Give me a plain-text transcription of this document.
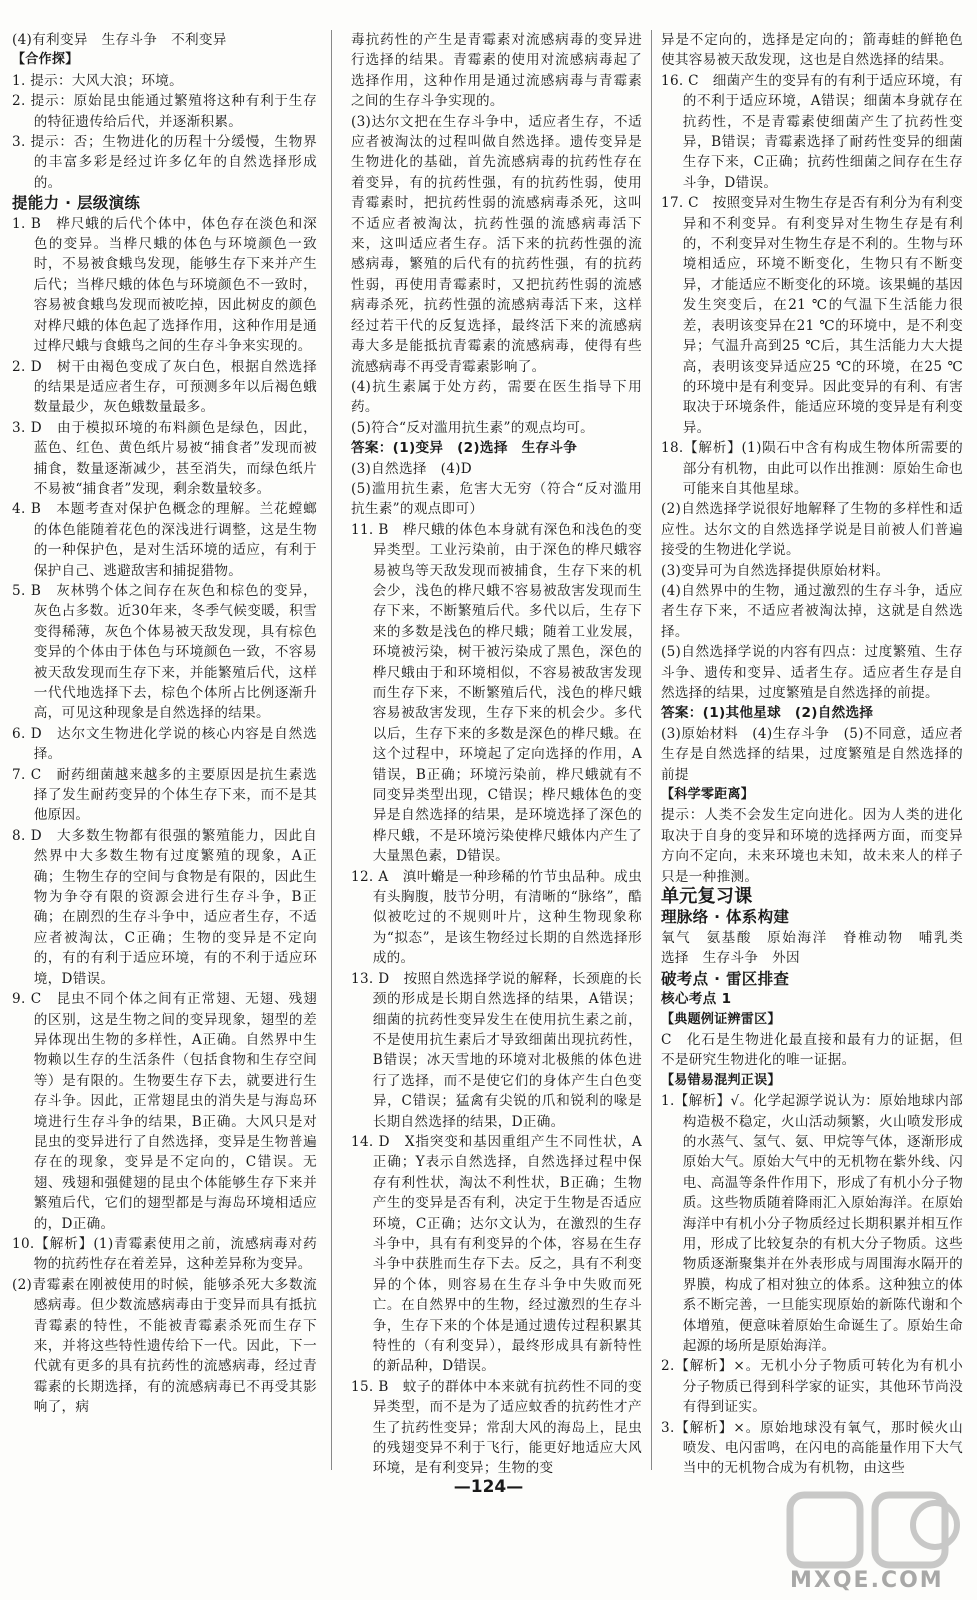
(4)有利变异　生存斗争　不利变异

【合作探】

1. 提示：大风大浪；环境。

2. 提示：原始昆虫能通过繁殖将这种有利于生存的特征遗传给后代，并逐渐积累。

3. 提示：否；生物进化的历程十分缓慢，生物界的丰富多彩是经过许多亿年的自然选择形成的。

提能力 · 层级演练

1. B　桦尺蛾的后代个体中，体色存在淡色和深色的变异。当桦尺蛾的体色与环境颜色一致时，不易被食蛾鸟发现，能够生存下来并产生后代；当桦尺蛾的体色与环境颜色不一致时，容易被食蛾鸟发现而被吃掉，因此树皮的颜色对桦尺蛾的体色起了选择作用，这种作用是通过桦尺蛾与食蛾鸟之间的生存斗争来实现的。

2. D　树干由褐色变成了灰白色，根据自然选择的结果是适应者生存，可预测多年以后褐色蛾数量最少，灰色蛾数量最多。

3. D　由于模拟环境的布料颜色是绿色，因此，蓝色、红色、黄色纸片易被“捕食者”发现而被捕食，数量逐渐减少，甚至消失，而绿色纸片不易被“捕食者”发现，剩余数量较多。

4. B　本题考查对保护色概念的理解。兰花螳螂的体色能随着花色的深浅进行调整，这是生物的一种保护色，是对生活环境的适应，有利于保护自己、逃避敌害和捕捉猎物。

5. B　灰林鸮个体之间存在灰色和棕色的变异，灰色占多数。近30年来，冬季气候变暖，积雪变得稀薄，灰色个体易被天敌发现，具有棕色变异的个体由于体色与环境颜色一致，不容易被天敌发现而生存下来，并能繁殖后代，这样一代代地选择下去，棕色个体所占比例逐渐升高，可见这种现象是自然选择的结果。

6. D　达尔文生物进化学说的核心内容是自然选择。

7. C　耐药细菌越来越多的主要原因是抗生素选择了发生耐药变异的个体生存下来，而不是其他原因。

8. D　大多数生物都有很强的繁殖能力，因此自然界中大多数生物有过度繁殖的现象，A正确；生物生存的空间与食物是有限的，因此生物为争夺有限的资源会进行生存斗争，B正确；在剧烈的生存斗争中，适应者生存，不适应者被淘汰，C正确；生物的变异是不定向的，有的有利于适应环境，有的不利于适应环境，D错误。

9. C　昆虫不同个体之间有正常翅、无翅、残翅的区别，这是生物之间的变异现象，翅型的差异体现出生物的多样性，A正确。自然界中生物赖以生存的生活条件（包括食物和生存空间等）是有限的。生物要生存下去，就要进行生存斗争。因此，正常翅昆虫的消失是与海岛环境进行生存斗争的结果，B正确。大风只是对昆虫的变异进行了自然选择，变异是生物普遍存在的现象，变异是不定向的，C错误。无翅、残翅和强健翅的昆虫个体能够生存下来并繁殖后代，它们的翅型都是与海岛环境相适应的，D正确。

10.【解析】(1)青霉素使用之前，流感病毒对药物的抗药性存在着差异，这种差异称为变异。

(2)青霉素在刚被使用的时候，能够杀死大多数流感病毒。但少数流感病毒由于变异而具有抵抗青霉素的特性，不能被青霉素杀死而生存下来，并将这些特性遗传给下一代。因此，下一代就有更多的具有抗药性的流感病毒，经过青霉素的长期选择，有的流感病毒已不再受其影响了，病

毒抗药性的产生是青霉素对流感病毒的变异进行选择的结果。青霉素的使用对流感病毒起了选择作用，这种作用是通过流感病毒与青霉素之间的生存斗争实现的。

(3)达尔文把在生存斗争中，适应者生存，不适应者被淘汰的过程叫做自然选择。遗传变异是生物进化的基础，首先流感病毒的抗药性存在着变异，有的抗药性强，有的抗药性弱，使用青霉素时，把抗药性弱的流感病毒杀死，这叫不适应者被淘汰，抗药性强的流感病毒活下来，这叫适应者生存。活下来的抗药性强的流感病毒，繁殖的后代有的抗药性强，有的抗药性弱，再使用青霉素时，又把抗药性弱的流感病毒杀死，抗药性强的流感病毒活下来，这样经过若干代的反复选择，最终活下来的流感病毒大多是能抵抗青霉素的流感病毒，使得有些流感病毒不再受青霉素影响了。

(4)抗生素属于处方药，需要在医生指导下用药。

(5)符合“反对滥用抗生素”的观点均可。

答案：(1)变异　(2)选择　生存斗争

(3)自然选择　(4)D

(5)滥用抗生素，危害大无穷（符合“反对滥用抗生素”的观点即可）

11. B　桦尺蛾的体色本身就有深色和浅色的变异类型。工业污染前，由于深色的桦尺蛾容易被鸟等天敌发现而被捕食，生存下来的机会少，浅色的桦尺蛾不容易被敌害发现而生存下来，不断繁殖后代。多代以后，生存下来的多数是浅色的桦尺蛾；随着工业发展，环境被污染，树干被污染成了黑色，深色的桦尺蛾由于和环境相似，不容易被敌害发现而生存下来，不断繁殖后代，浅色的桦尺蛾容易被敌害发现，生存下来的机会少。多代以后，生存下来的多数是深色的桦尺蛾。在这个过程中，环境起了定向选择的作用，A错误，B正确；环境污染前，桦尺蛾就有不同变异类型出现，C错误；桦尺蛾体色的变异是自然选择的结果，是环境选择了深色的桦尺蛾，不是环境污染使桦尺蛾体内产生了大量黑色素，D错误。

12. A　滇叶䗛是一种珍稀的竹节虫品种。成虫有头胸腹，肢节分明，有清晰的“脉络”，酷似被吃过的不规则叶片，这种生物现象称为“拟态”，是该生物经过长期的自然选择形成的。

13. D　按照自然选择学说的解释，长颈鹿的长颈的形成是长期自然选择的结果，A错误；细菌的抗药性变异发生在使用抗生素之前，不是使用抗生素后才导致细菌出现抗药性，B错误；冰天雪地的环境对北极熊的体色进行了选择，而不是使它们的身体产生白色变异，C错误；猛禽有尖锐的爪和锐利的喙是长期自然选择的结果，D正确。

14. D　X指突变和基因重组产生不同性状，A正确；Y表示自然选择，自然选择过程中保存有利性状，淘汰不利性状，B正确；生物产生的变异是否有利，决定于生物是否适应环境，C正确；达尔文认为，在激烈的生存斗争中，具有有利变异的个体，容易在生存斗争中获胜而生存下去。反之，具有不利变异的个体，则容易在生存斗争中失败而死亡。在自然界中的生物，经过激烈的生存斗争，生存下来的个体是通过遗传过程积累其特性的（有利变异），最终形成具有新特性的新品种，D错误。

15. B　蚊子的群体中本来就有抗药性不同的变异类型，而不是为了适应蚊香的抗药性才产生了抗药性变异；常刮大风的海岛上，昆虫的残翅变异不利于飞行，能更好地适应大风环境，是有利变异；生物的变

异是不定向的，选择是定向的；箭毒蛙的鲜艳色使其容易被天敌发现，这也是自然选择的结果。

16. C　细菌产生的变异有的有利于适应环境，有的不利于适应环境，A错误；细菌本身就存在抗药性，不是青霉素使细菌产生了抗药性变异，B错误；青霉素选择了耐药性变异的细菌生存下来，C正确；抗药性细菌之间存在生存斗争，D错误。

17. C　按照变异对生物生存是否有利分为有利变异和不利变异。有利变异对生物生存是有利的，不利变异对生物生存是不利的。生物与环境相适应，环境不断变化，生物只有不断变异，才能适应不断变化的环境。该果蝇的基因发生突变后，在21 ℃的气温下生活能力很差，表明该变异在21 ℃的环境中，是不利变异；气温升高到25 ℃后，其生活能力大大提高，表明该变异适应25 ℃的环境，在25 ℃的环境中是有利变异。因此变异的有利、有害取决于环境条件，能适应环境的变异是有利变异。

18.【解析】(1)陨石中含有构成生物体所需要的部分有机物，由此可以作出推测：原始生命也可能来自其他星球。

(2)自然选择学说很好地解释了生物的多样性和适应性。达尔文的自然选择学说是目前被人们普遍接受的生物进化学说。

(3)变异可为自然选择提供原始材料。

(4)自然界中的生物，通过激烈的生存斗争，适应者生存下来，不适应者被淘汰掉，这就是自然选择。

(5)自然选择学说的内容有四点：过度繁殖、生存斗争、遗传和变异、适者生存。适应者生存是自然选择的结果，过度繁殖是自然选择的前提。

答案：(1)其他星球　(2)自然选择

(3)原始材料　(4)生存斗争　(5)不同意，适应者生存是自然选择的结果，过度繁殖是自然选择的前提

【科学零距离】

提示：人类不会发生定向进化。因为人类的进化取决于自身的变异和环境的选择两方面，而变异方向不定向，未来环境也未知，故未来人的样子只是一种推测。

单元复习课

理脉络 · 体系构建

氧气　氨基酸　原始海洋　脊椎动物　哺乳类　选择　生存斗争　外因

破考点 · 雷区排查

核心考点 1

【典题例证辨雷区】

C　化石是生物进化最直接和最有力的证据，但不是研究生物进化的唯一证据。

【易错易混判正误】

1.【解析】√。化学起源学说认为：原始地球内部构造极不稳定，火山活动频繁，火山喷发形成的水蒸气、氢气、氨、甲烷等气体，逐渐形成原始大气。原始大气中的无机物在紫外线、闪电、高温等条件作用下，形成了有机小分子物质。这些物质随着降雨汇入原始海洋。在原始海洋中有机小分子物质经过长期积累并相互作用，形成了比较复杂的有机大分子物质。这些物质逐渐聚集并在外表形成与周围海水隔开的界膜，构成了相对独立的体系。这种独立的体系不断完善，一旦能实现原始的新陈代谢和个体增殖，便意味着原始生命诞生了。原始生命起源的场所是原始海洋。

2.【解析】×。无机小分子物质可转化为有机小分子物质已得到科学家的证实，其他环节尚没有得到证实。

3.【解析】×。原始地球没有氧气，那时候火山喷发、电闪雷鸣，在闪电的高能量作用下大气当中的无机物合成为有机物，由这些

—124—
MXQE.COM
